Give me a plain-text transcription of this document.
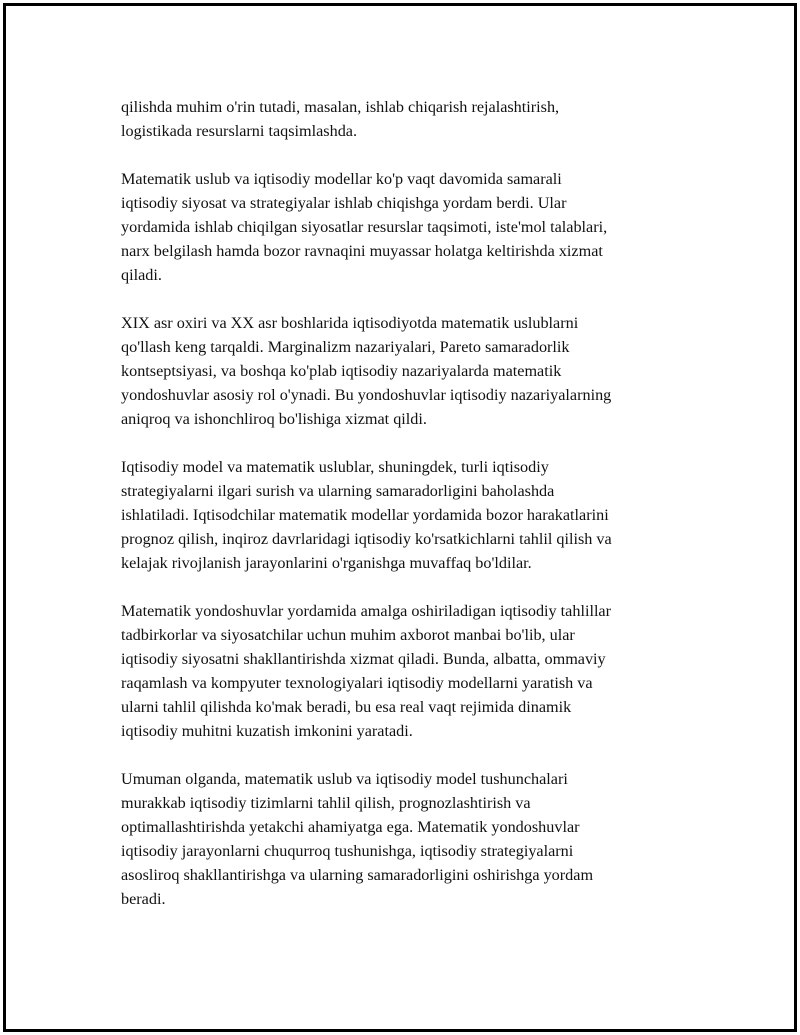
qilishda muhim o'rin tutadi, masalan, ishlab chiqarish rejalashtirish,
logistikada resurslarni taqsimlashda.

Matematik uslub va iqtisodiy modellar ko'p vaqt davomida samarali
iqtisodiy siyosat va strategiyalar ishlab chiqishga yordam berdi. Ular
yordamida ishlab chiqilgan siyosatlar resurslar taqsimoti, iste'mol talablari,
narx belgilash hamda bozor ravnaqini muyassar holatga keltirishda xizmat
qiladi.

XIX asr oxiri va XX asr boshlarida iqtisodiyotda matematik uslublarni
qo'llash keng tarqaldi. Marginalizm nazariyalari, Pareto samaradorlik
kontseptsiyasi, va boshqa ko'plab iqtisodiy nazariyalarda matematik
yondoshuvlar asosiy rol o'ynadi. Bu yondoshuvlar iqtisodiy nazariyalarning
aniqroq va ishonchliroq bo'lishiga xizmat qildi.

Iqtisodiy model va matematik uslublar, shuningdek, turli iqtisodiy
strategiyalarni ilgari surish va ularning samaradorligini baholashda
ishlatiladi. Iqtisodchilar matematik modellar yordamida bozor harakatlarini
prognoz qilish, inqiroz davrlaridagi iqtisodiy ko'rsatkichlarni tahlil qilish va
kelajak rivojlanish jarayonlarini o'rganishga muvaffaq bo'ldilar.

Matematik yondoshuvlar yordamida amalga oshiriladigan iqtisodiy tahlillar
tadbirkorlar va siyosatchilar uchun muhim axborot manbai bo'lib, ular
iqtisodiy siyosatni shakllantirishda xizmat qiladi. Bunda, albatta, ommaviy
raqamlash va kompyuter texnologiyalari iqtisodiy modellarni yaratish va
ularni tahlil qilishda ko'mak beradi, bu esa real vaqt rejimida dinamik
iqtisodiy muhitni kuzatish imkonini yaratadi.

Umuman olganda, matematik uslub va iqtisodiy model tushunchalari
murakkab iqtisodiy tizimlarni tahlil qilish, prognozlashtirish va
optimallashtirishda yetakchi ahamiyatga ega. Matematik yondoshuvlar
iqtisodiy jarayonlarni chuqurroq tushunishga, iqtisodiy strategiyalarni
asosliroq shakllantirishga va ularning samaradorligini oshirishga yordam
beradi.
